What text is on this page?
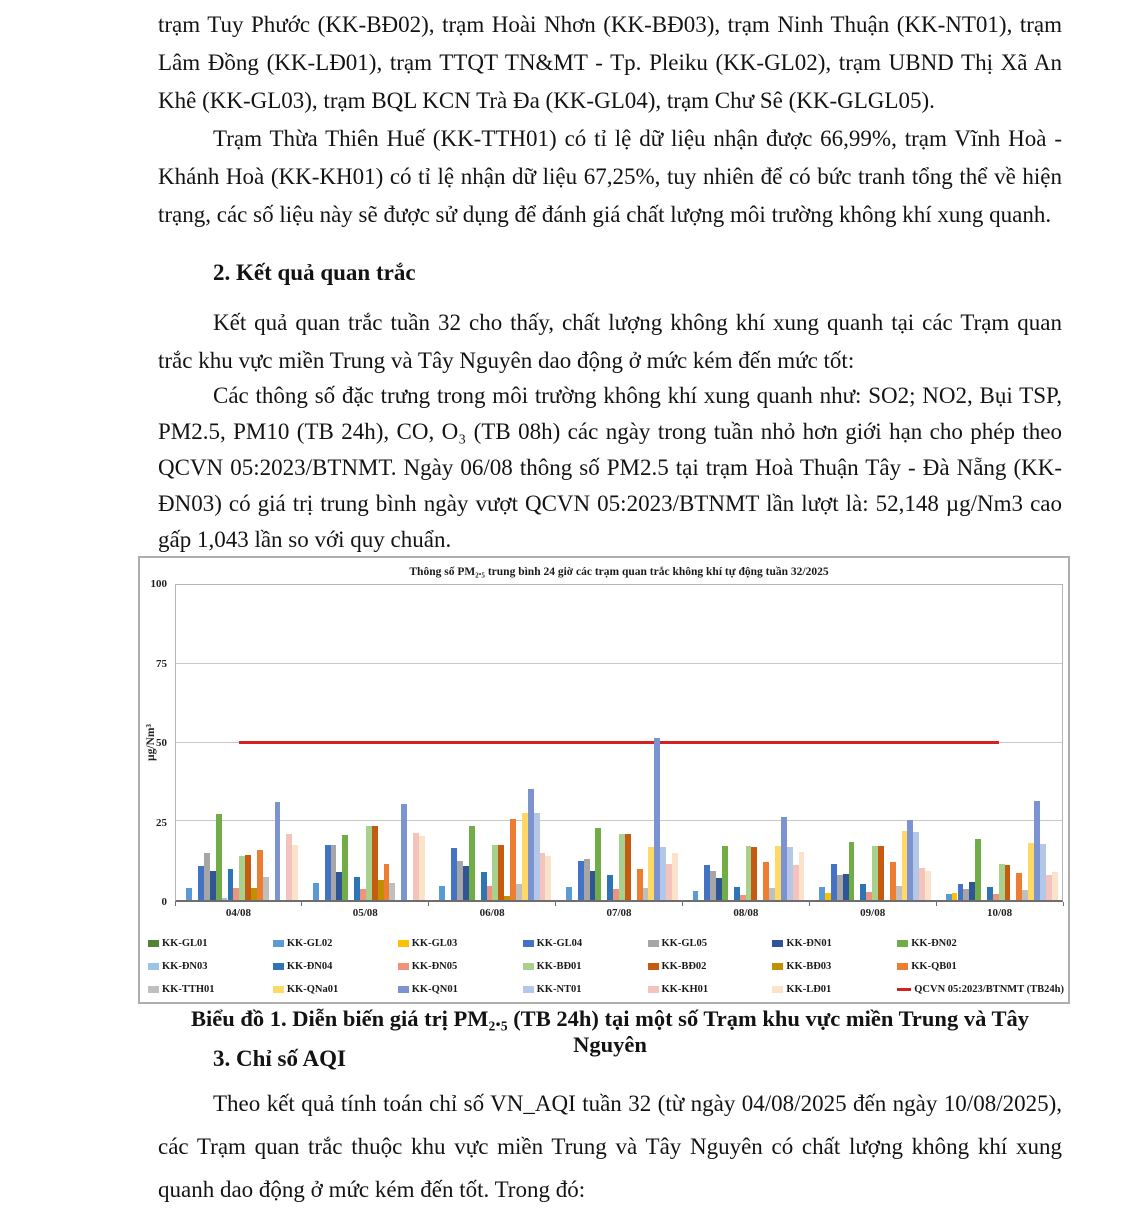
trạm Tuy Phước (KK-BĐ02), trạm Hoài Nhơn (KK-BĐ03), trạm Ninh Thuận (KK-NT01), trạm Lâm Đồng (KK-LĐ01), trạm TTQT TN&MT - Tp. Pleiku (KK-GL02), trạm UBND Thị Xã An Khê (KK-GL03), trạm BQL KCN Trà Đa (KK-GL04), trạm Chư Sê (KK-GLGL05).

Trạm Thừa Thiên Huế (KK-TTH01) có tỉ lệ dữ liệu nhận được 66,99%, trạm Vĩnh Hoà - Khánh Hoà (KK-KH01) có tỉ lệ nhận dữ liệu 67,25%, tuy nhiên để có bức tranh tổng thể về hiện trạng, các số liệu này sẽ được sử dụng để đánh giá chất lượng môi trường không khí xung quanh.

2. Kết quả quan trắc

Kết quả quan trắc tuần 32 cho thấy, chất lượng không khí xung quanh tại các Trạm quan trắc khu vực miền Trung và Tây Nguyên dao động ở mức kém đến mức tốt:

Các thông số đặc trưng trong môi trường không khí xung quanh như: SO2; NO2, Bụi TSP, PM2.5, PM10 (TB 24h), CO, O₃ (TB 08h) các ngày trong tuần nhỏ hơn giới hạn cho phép theo QCVN 05:2023/BTNMT. Ngày 06/08 thông số PM2.5 tại trạm Hoà Thuận Tây - Đà Nẵng (KK-ĐN03) có giá trị trung bình ngày vượt QCVN 05:2023/BTNMT lần lượt là: 52,148 µg/Nm3 cao gấp 1,043 lần so với quy chuẩn.

Thông số PM₂.₅ trung bình 24 giờ các trạm quan trắc không khí tự động tuần 32/2025
µg/Nm³
0
25
50
75
100
04/08	05/08	06/08	07/08	08/08	09/08	10/08
KK-GL01	KK-GL02	KK-GL03	KK-GL04	KK-GL05	KK-ĐN01	KK-ĐN02
KK-ĐN03	KK-ĐN04	KK-ĐN05	KK-BĐ01	KK-BĐ02	KK-BĐ03	KK-QB01
KK-TTH01	KK-QNa01	KK-QN01	KK-NT01	KK-KH01	KK-LĐ01	QCVN 05:2023/BTNMT (TB24h)

Biểu đồ 1. Diễn biến giá trị PM₂.₅ (TB 24h) tại một số Trạm khu vực miền Trung và Tây Nguyên

3. Chỉ số AQI

Theo kết quả tính toán chỉ số VN_AQI tuần 32 (từ ngày 04/08/2025 đến ngày 10/08/2025), các Trạm quan trắc thuộc khu vực miền Trung và Tây Nguyên có chất lượng không khí xung quanh dao động ở mức kém đến tốt. Trong đó:
